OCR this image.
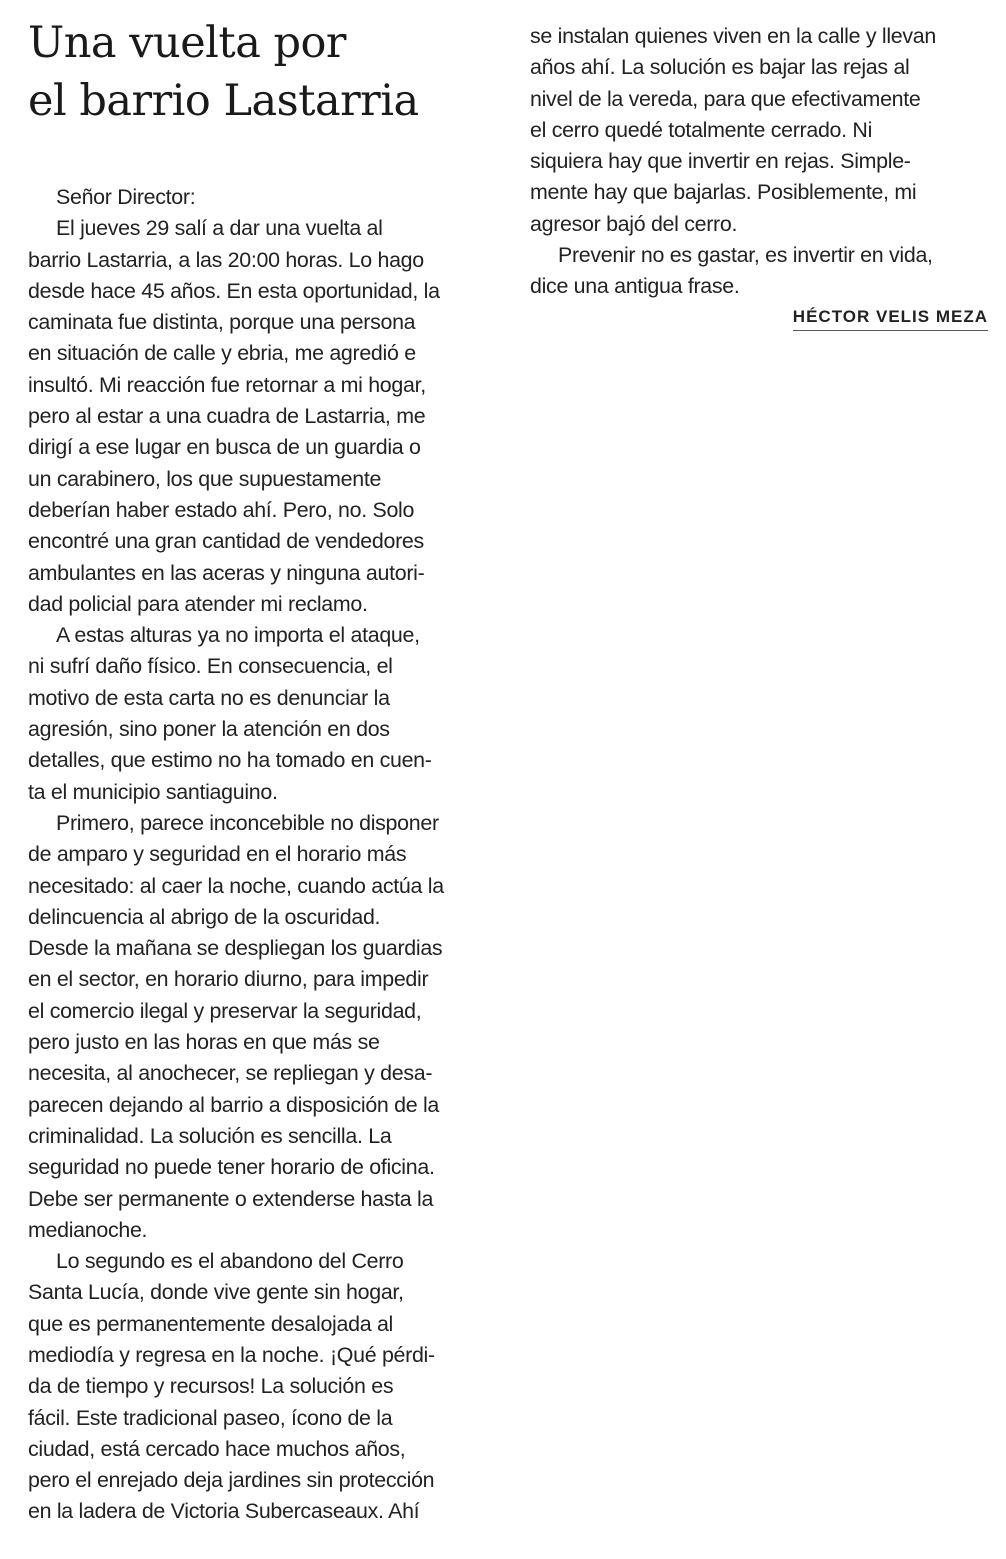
Una vuelta por
el barrio Lastarria
Señor Director:
El jueves 29 salí a dar una vuelta al
barrio Lastarria, a las 20:00 horas. Lo hago
desde hace 45 años. En esta oportunidad, la
caminata fue distinta, porque una persona
en situación de calle y ebria, me agredió e
insultó. Mi reacción fue retornar a mi hogar,
pero al estar a una cuadra de Lastarria, me
dirigí a ese lugar en busca de un guardia o
un carabinero, los que supuestamente
deberían haber estado ahí. Pero, no. Solo
encontré una gran cantidad de vendedores
ambulantes en las aceras y ninguna autori-
dad policial para atender mi reclamo.
A estas alturas ya no importa el ataque,
ni sufrí daño físico. En consecuencia, el
motivo de esta carta no es denunciar la
agresión, sino poner la atención en dos
detalles, que estimo no ha tomado en cuen-
ta el municipio santiaguino.
Primero, parece inconcebible no disponer
de amparo y seguridad en el horario más
necesitado: al caer la noche, cuando actúa la
delincuencia al abrigo de la oscuridad.
Desde la mañana se despliegan los guardias
en el sector, en horario diurno, para impedir
el comercio ilegal y preservar la seguridad,
pero justo en las horas en que más se
necesita, al anochecer, se repliegan y desa-
parecen dejando al barrio a disposición de la
criminalidad. La solución es sencilla. La
seguridad no puede tener horario de oficina.
Debe ser permanente o extenderse hasta la
medianoche.
Lo segundo es el abandono del Cerro
Santa Lucía, donde vive gente sin hogar,
que es permanentemente desalojada al
mediodía y regresa en la noche. ¡Qué pérdi-
da de tiempo y recursos! La solución es
fácil. Este tradicional paseo, ícono de la
ciudad, está cercado hace muchos años,
pero el enrejado deja jardines sin protección
en la ladera de Victoria Subercaseaux. Ahí
se instalan quienes viven en la calle y llevan
años ahí. La solución es bajar las rejas al
nivel de la vereda, para que efectivamente
el cerro quedé totalmente cerrado. Ni
siquiera hay que invertir en rejas. Simple-
mente hay que bajarlas. Posiblemente, mi
agresor bajó del cerro.
Prevenir no es gastar, es invertir en vida,
dice una antigua frase.
HÉCTOR VELIS MEZA
